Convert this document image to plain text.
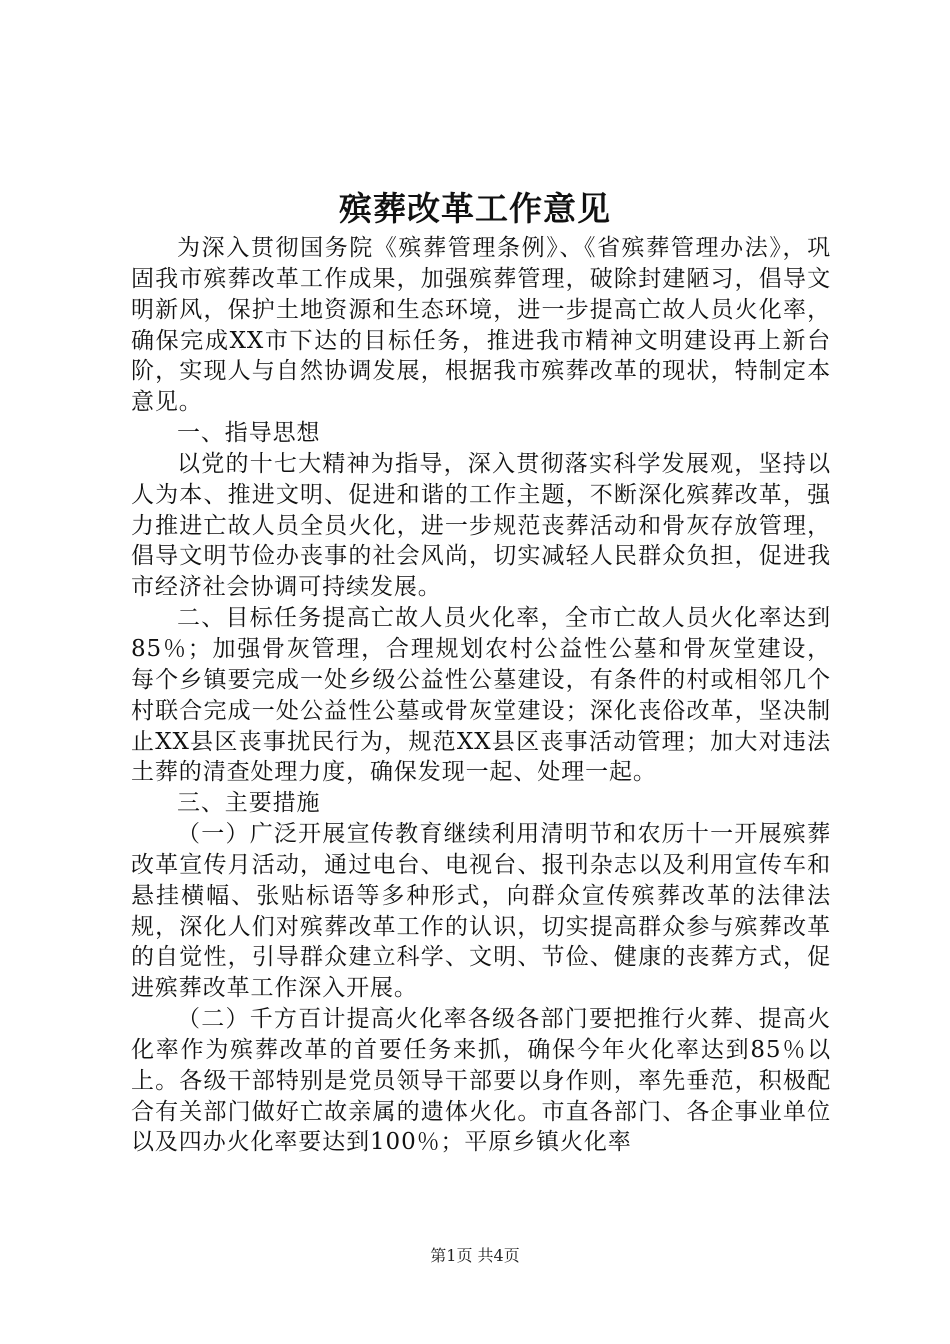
殡葬改革工作意见

为深入贯彻国务院《殡葬管理条例》、《省殡葬管理办法》，巩固我市殡葬改革工作成果，加强殡葬管理，破除封建陋习，倡导文明新风，保护土地资源和生态环境，进一步提高亡故人员火化率，确保完成XX市下达的目标任务，推进我市精神文明建设再上新台阶，实现人与自然协调发展，根据我市殡葬改革的现状，特制定本意见。

一、指导思想

以党的十七大精神为指导，深入贯彻落实科学发展观，坚持以人为本、推进文明、促进和谐的工作主题，不断深化殡葬改革，强力推进亡故人员全员火化，进一步规范丧葬活动和骨灰存放管理，倡导文明节俭办丧事的社会风尚，切实减轻人民群众负担，促进我市经济社会协调可持续发展。

二、目标任务提高亡故人员火化率，全市亡故人员火化率达到85％；加强骨灰管理，合理规划农村公益性公墓和骨灰堂建设，每个乡镇要完成一处乡级公益性公墓建设，有条件的村或相邻几个村联合完成一处公益性公墓或骨灰堂建设；深化丧俗改革，坚决制止XX县区丧事扰民行为，规范XX县区丧事活动管理；加大对违法土葬的清查处理力度，确保发现一起、处理一起。

三、主要措施

（一）广泛开展宣传教育继续利用清明节和农历十一开展殡葬改革宣传月活动，通过电台、电视台、报刊杂志以及利用宣传车和悬挂横幅、张贴标语等多种形式，向群众宣传殡葬改革的法律法规，深化人们对殡葬改革工作的认识，切实提高群众参与殡葬改革的自觉性，引导群众建立科学、文明、节俭、健康的丧葬方式，促进殡葬改革工作深入开展。

（二）千方百计提高火化率各级各部门要把推行火葬、提高火化率作为殡葬改革的首要任务来抓，确保今年火化率达到85％以上。各级干部特别是党员领导干部要以身作则，率先垂范，积极配合有关部门做好亡故亲属的遗体火化。市直各部门、各企事业单位以及四办火化率要达到100％；平原乡镇火化率

第1页 共4页
